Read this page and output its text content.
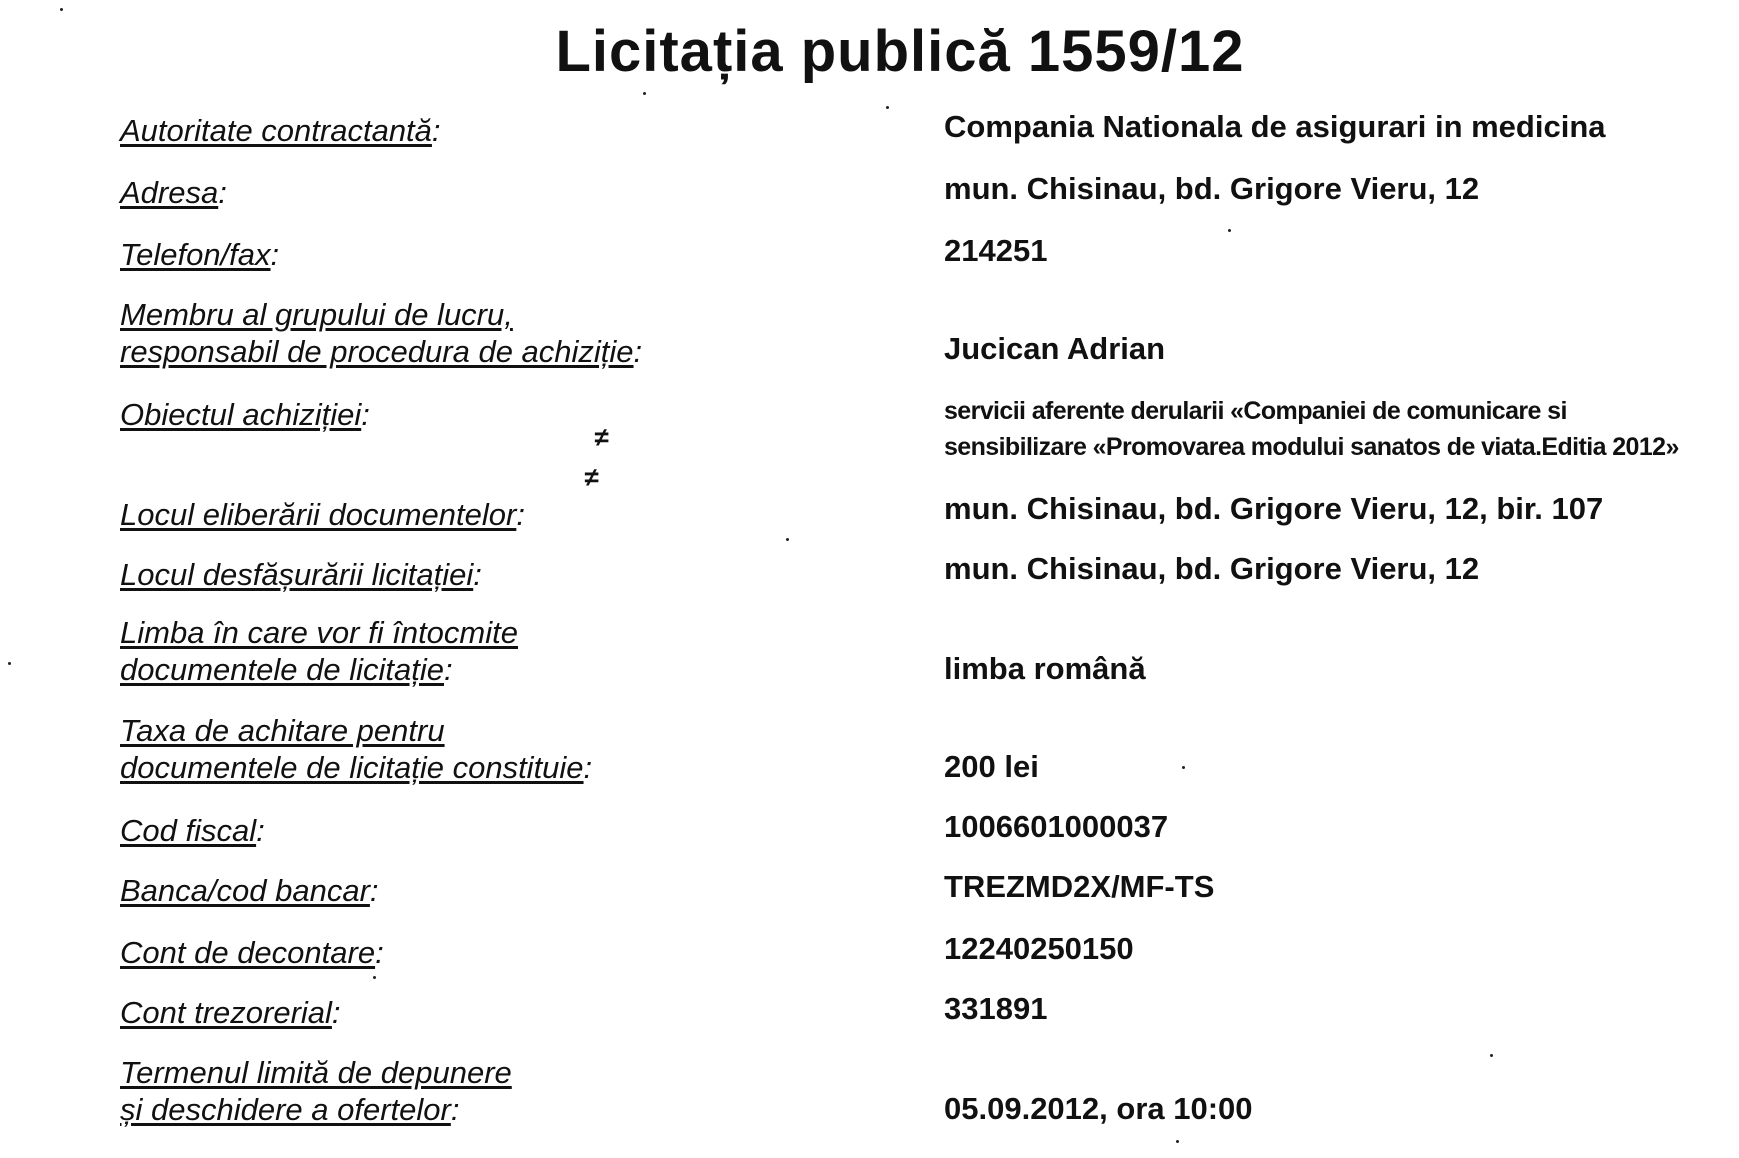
Licitația publică 1559/12
Autoritate contractantă:	Compania Nationala de asigurari in medicina
Adresa:	mun. Chisinau, bd. Grigore Vieru, 12
Telefon/fax:	214251
Membru al grupului de lucru,
responsabil de procedura de achiziție:	Jucican Adrian
Obiectul achiziției:	servicii aferente derularii «Companiei de comunicare si
sensibilizare «Promovarea modului sanatos de viata.Editia 2012»
≠
≠
Locul eliberării documentelor:	mun. Chisinau, bd. Grigore Vieru, 12, bir. 107
Locul desfășurării licitației:	mun. Chisinau, bd. Grigore Vieru, 12
Limba în care vor fi întocmite
documentele de licitație:	limba română
Taxa de achitare pentru
documentele de licitație constituie:	200 lei
Cod fiscal:	1006601000037
Banca/cod bancar:	TREZMD2X/MF-TS
Cont de decontare:	12240250150
Cont trezorerial:	331891
Termenul limită de depunere
și deschidere a ofertelor:	05.09.2012, ora 10:00
